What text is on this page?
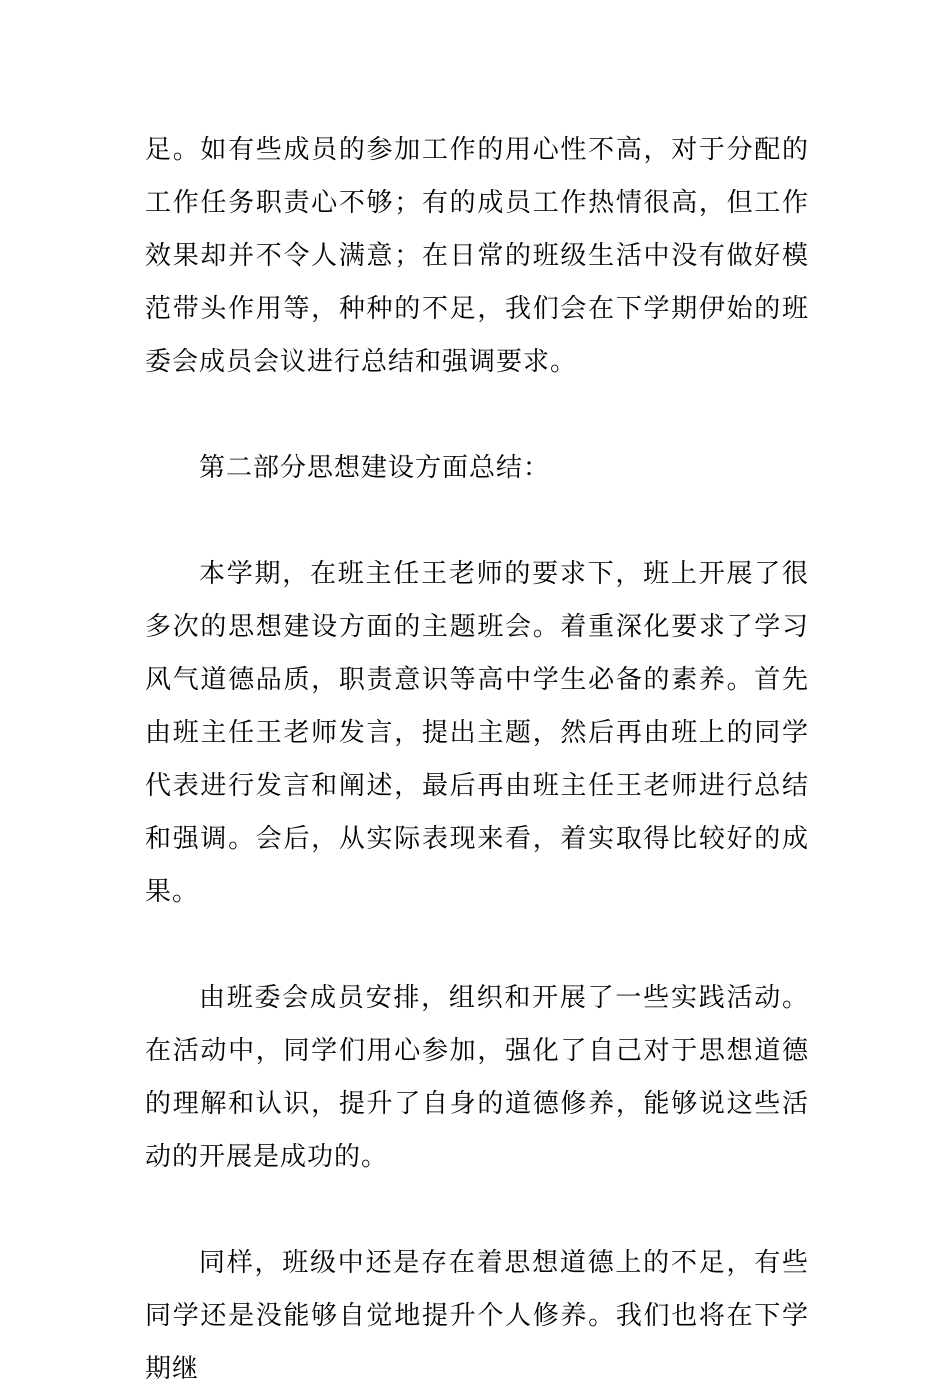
足。如有些成员的参加工作的用心性不高，对于分配的工作任务职责心不够；有的成员工作热情很高，但工作效果却并不令人满意；在日常的班级生活中没有做好模范带头作用等，种种的不足，我们会在下学期伊始的班委会成员会议进行总结和强调要求。

第二部分思想建设方面总结：

本学期，在班主任王老师的要求下，班上开展了很多次的思想建设方面的主题班会。着重深化要求了学习风气道德品质，职责意识等高中学生必备的素养。首先由班主任王老师发言，提出主题，然后再由班上的同学代表进行发言和阐述，最后再由班主任王老师进行总结和强调。会后，从实际表现来看，着实取得比较好的成果。

由班委会成员安排，组织和开展了一些实践活动。在活动中，同学们用心参加，强化了自己对于思想道德的理解和认识，提升了自身的道德修养，能够说这些活动的开展是成功的。

同样，班级中还是存在着思想道德上的不足，有些同学还是没能够自觉地提升个人修养。我们也将在下学期继
